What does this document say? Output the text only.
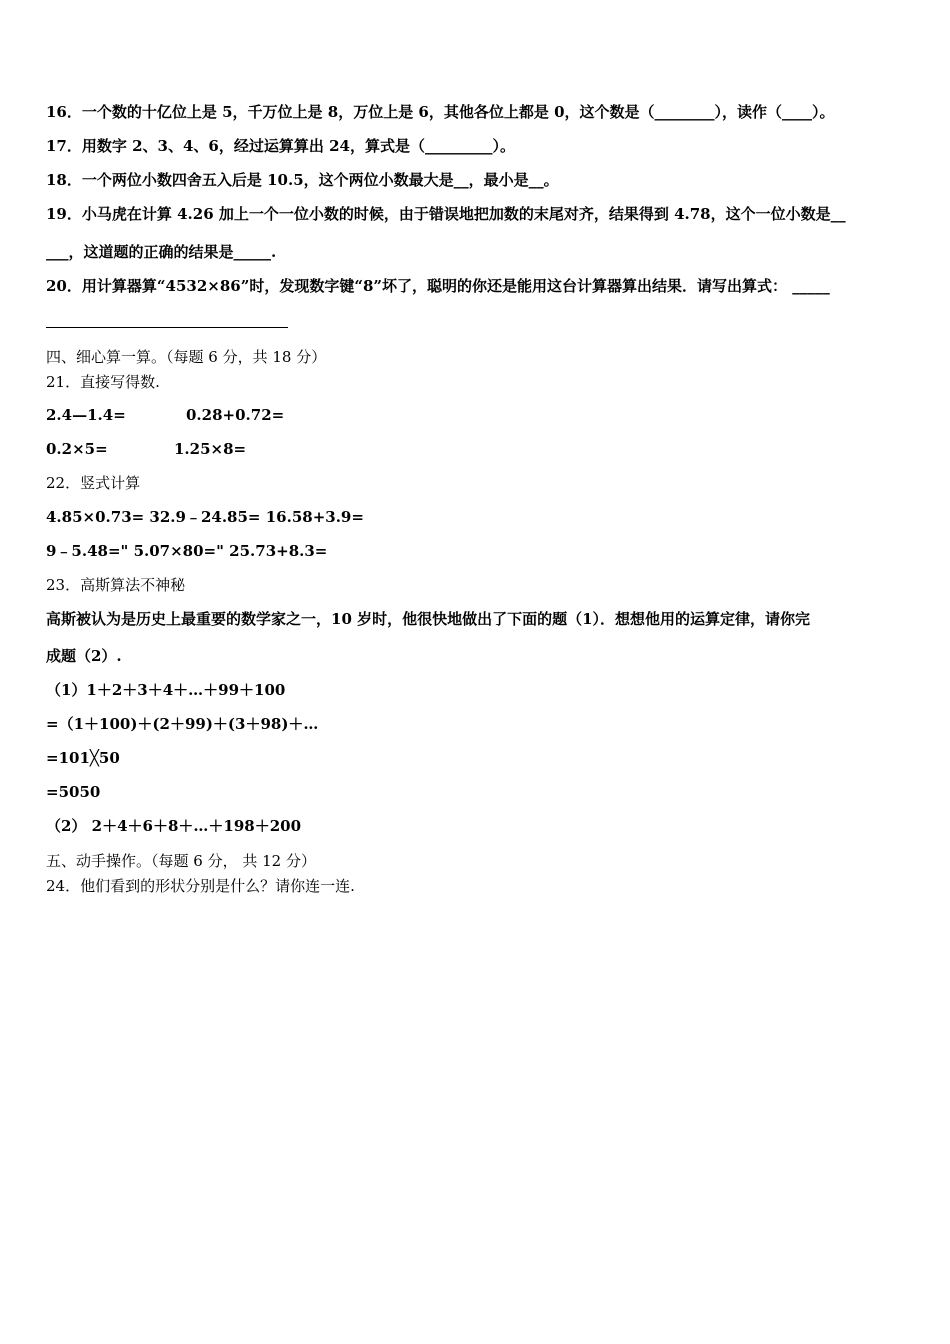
16．一个数的十亿位上是 5，千万位上是 8，万位上是 6，其他各位上都是 0，这个数是（________），读作（____）。
17．用数字 2、3、4、6，经过运算算出 24，算式是（_________）。
18．一个两位小数四舍五入后是 10.5，这个两位小数最大是__，最小是__。
19．小马虎在计算 4.26 加上一个一位小数的时候，由于错误地把加数的末尾对齐，结果得到 4.78，这个一位小数是__
___，这道题的正确的结果是_____.
20．用计算器算“4532×86”时，发现数字键“8”坏了，聪明的你还是能用这台计算器算出结果．请写出算式： _____
四、细心算一算。（每题 6 分，共 18 分）
21．直接写得数.
2.4—1.4=	0.28+0.72=
0.2×5=	1.25×8=
22．竖式计算
4.85×0.73= 32.9﹣24.85= 16.58+3.9=
9﹣5.48=" 5.07×80=" 25.73+8.3=
23．高斯算法不神秘
高斯被认为是历史上最重要的数学家之一，10 岁时，他很快地做出了下面的题（1）．想想他用的运算定律，请你完
成题（2）.
（1）1＋2＋3＋4＋…＋99＋100
=（1＋100)＋(2＋99)＋(3＋98)＋…
=101╳50
=5050
（2） 2＋4＋6＋8＋…＋198＋200
五、动手操作。（每题 6 分， 共 12 分）
24．他们看到的形状分别是什么？请你连一连.
